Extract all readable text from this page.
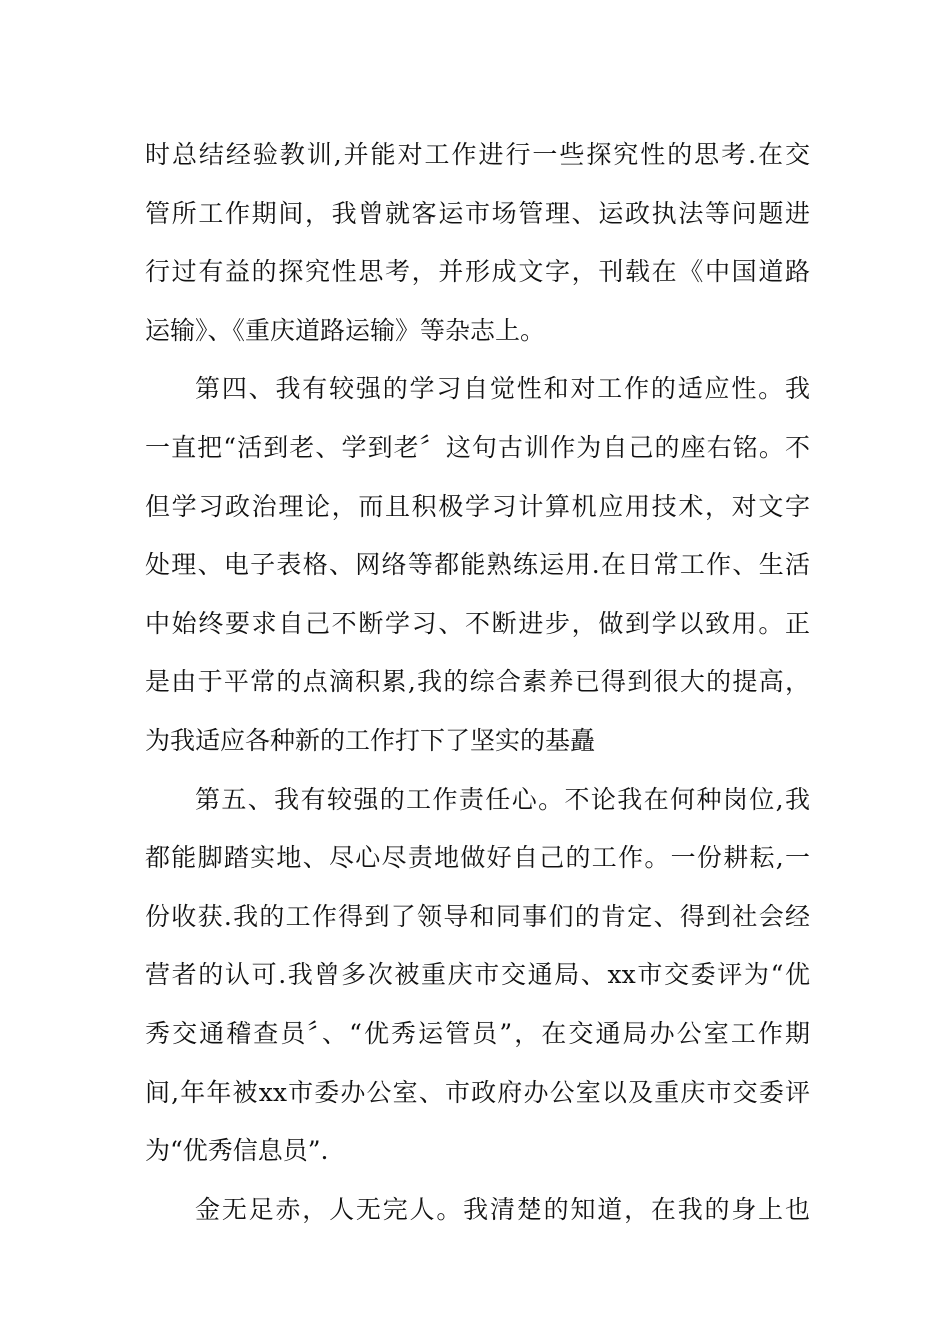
时总结经验教训,并能对工作进行一些探究性的思考.在交
管所工作期间，我曾就客运市场管理、运政执法等问题进
行过有益的探究性思考，并形成文字，刊载在《中国道路
运输》、《重庆道路运输》等杂志上。
第四、我有较强的学习自觉性和对工作的适应性。我
一直把“活到老、学到老〞这句古训作为自己的座右铭。不
但学习政治理论，而且积极学习计算机应用技术，对文字
处理、电子表格、网络等都能熟练运用.在日常工作、生活
中始终要求自己不断学习、不断进步，做到学以致用。正
是由于平常的点滴积累,我的综合素养已得到很大的提高，
为我适应各种新的工作打下了坚实的基矗
第五、我有较强的工作责任心。不论我在何种岗位,我
都能脚踏实地、尽心尽责地做好自己的工作。一份耕耘,一
份收获.我的工作得到了领导和同事们的肯定、得到社会经
营者的认可.我曾多次被重庆市交通局、xx市交委评为“优
秀交通稽查员〞、“优秀运管员”，在交通局办公室工作期
间,年年被xx市委办公室、市政府办公室以及重庆市交委评
为“优秀信息员”.
金无足赤，人无完人。我清楚的知道，在我的身上也
